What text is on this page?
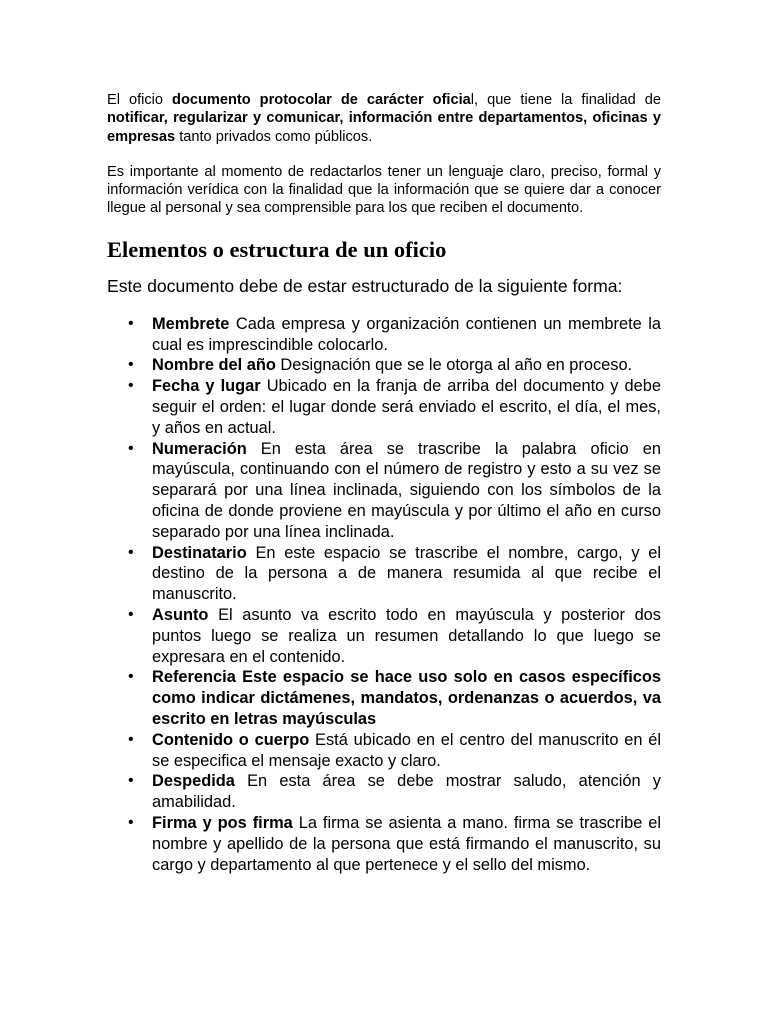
El oficio documento protocolar de carácter oficial, que tiene la finalidad de notificar, regularizar y comunicar, información entre departamentos, oficinas y empresas tanto privados como públicos.

Es importante al momento de redactarlos tener un lenguaje claro, preciso, formal y información verídica con la finalidad que la información que se quiere dar a conocer llegue al personal y sea comprensible para los que reciben el documento.

Elementos o estructura de un oficio

Este documento debe de estar estructurado de la siguiente forma:

• Membrete Cada empresa y organización contienen un membrete la cual es imprescindible colocarlo.
• Nombre del año Designación que se le otorga al año en proceso.
• Fecha y lugar Ubicado en la franja de arriba del documento y debe seguir el orden: el lugar donde será enviado el escrito, el día, el mes, y años en actual.
• Numeración En esta área se trascribe la palabra oficio en mayúscula, continuando con el número de registro y esto a su vez se separará por una línea inclinada, siguiendo con los símbolos de la oficina de donde proviene en mayúscula y por último el año en curso separado por una línea inclinada.
• Destinatario En este espacio se trascribe el nombre, cargo, y el destino de la persona a de manera resumida al que recibe el manuscrito.
• Asunto El asunto va escrito todo en mayúscula y posterior dos puntos luego se realiza un resumen detallando lo que luego se expresara en el contenido.
• Referencia Este espacio se hace uso solo en casos específicos como indicar dictámenes, mandatos, ordenanzas o acuerdos, va escrito en letras mayúsculas
• Contenido o cuerpo Está ubicado en el centro del manuscrito en él se especifica el mensaje exacto y claro.
• Despedida En esta área se debe mostrar saludo, atención y amabilidad.
• Firma y pos firma La firma se asienta a mano. firma se trascribe el nombre y apellido de la persona que está firmando el manuscrito, su cargo y departamento al que pertenece y el sello del mismo.
